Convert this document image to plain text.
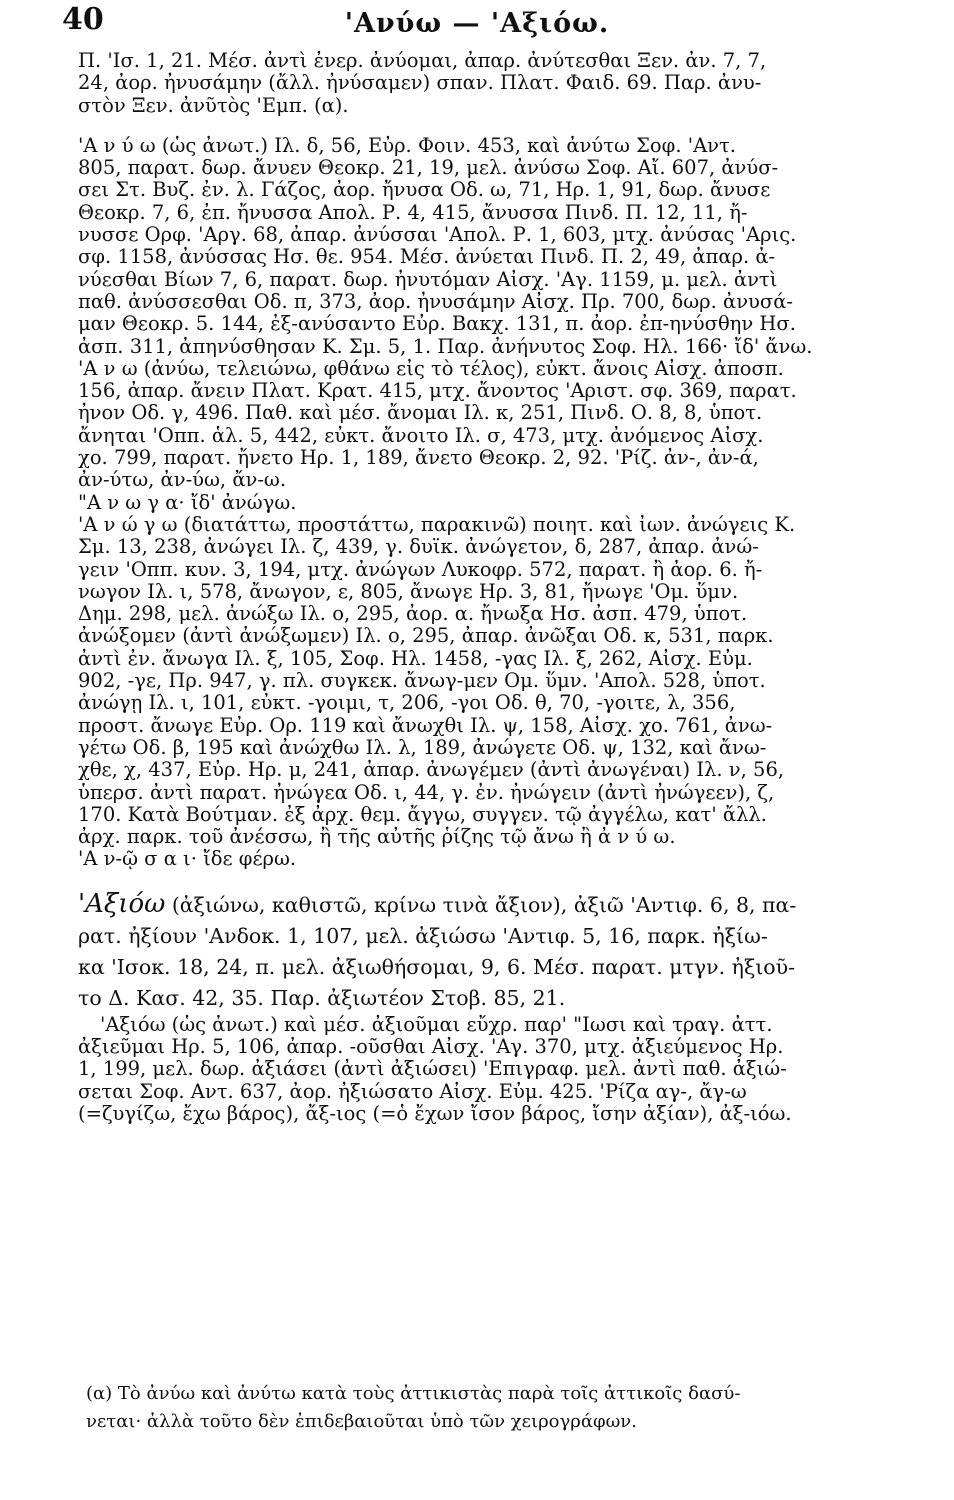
40	'Ανύω — 'Αξιόω.
Π. 'Ισ. 1, 21. Μέσ. ἀντὶ ἐνερ. ἀνύομαι, ἀπαρ. ἀνύτεσθαι Ξεν. ἀν. 7, 7,
24, ἀορ. ἠνυσάμην (ἄλλ. ἠνύσαμεν) σπαν. Πλατ. Φαιδ. 69. Παρ. ἀνυ-
στὸν Ξεν. ἀνῦτὸς 'Εμπ. (α).
'Α ν ύ ω (ὡς ἀνωτ.) Ιλ. δ, 56, Εὐρ. Φοιν. 453, καὶ ἀνύτω Σοφ. 'Αντ.
805, παρατ. δωρ. ἄνυεν Θεοκρ. 21, 19, μελ. ἀνύσω Σοφ. Αἴ. 607, ἀνύσ-
σει Στ. Βυζ. ἐν. λ. Γάζος, ἀορ. ἤνυσα Οδ. ω, 71, Ηρ. 1, 91, δωρ. ἄνυσε
Θεοκρ. 7, 6, ἐπ. ἤνυσσα Απολ. Ρ. 4, 415, ἄνυσσα Πινδ. Π. 12, 11, ἤ-
νυσσε Ορφ. 'Αργ. 68, ἀπαρ. ἀνύσσαι 'Απολ. Ρ. 1, 603, μτχ. ἀνύσας 'Αρις.
σφ. 1158, ἀνύσσας Ησ. θε. 954. Μέσ. ἀνύεται Πινδ. Π. 2, 49, ἀπαρ. ἀ-
νύεσθαι Βίων 7, 6, παρατ. δωρ. ἠνυτόμαν Αἰσχ. 'Αγ. 1159, μ. μελ. ἀντὶ
παθ. ἀνύσσεσθαι Οδ. π, 373, ἀορ. ἠνυσάμην Αἰσχ. Πρ. 700, δωρ. ἀνυσά-
μαν Θεοκρ. 5. 144, ἐξ-ανύσαντο Εὐρ. Βακχ. 131, π. ἀορ. ἐπ-ηνύσθην Ησ.
ἀσπ. 311, ἀπηνύσθησαν Κ. Σμ. 5, 1. Παρ. ἀνήνυτος Σοφ. Ηλ. 166· ἴδ' ἄνω.
'Α ν ω (ἀνύω, τελειώνω, φθάνω εἰς τὸ τέλος), εὐκτ. ἄνοις Αἰσχ. ἀποσπ.
156, ἀπαρ. ἄνειν Πλατ. Κρατ. 415, μτχ. ἄνοντος 'Αριστ. σφ. 369, παρατ.
ἦνον Οδ. γ, 496. Παθ. καὶ μέσ. ἄνομαι Ιλ. κ, 251, Πινδ. Ο. 8, 8, ὑποτ.
ἄνηται 'Οππ. ἁλ. 5, 442, εὐκτ. ἄνοιτο Ιλ. σ, 473, μτχ. ἀνόμενος Αἰσχ.
χο. 799, παρατ. ἤνετο Ηρ. 1, 189, ἄνετο Θεοκρ. 2, 92. 'Ρίζ. ἀν-, ἀν-ά,
ἀν-ύτω, ἀν-ύω, ἄν-ω.
"Α ν ω γ α· ἴδ' ἀνώγω.
'Α ν ώ γ ω (διατάττω, προστάττω, παρακινῶ) ποιητ. καὶ ἰων. ἀνώγεις Κ.
Σμ. 13, 238, ἀνώγει Ιλ. ζ, 439, γ. δυϊκ. ἀνώγετον, δ, 287, ἀπαρ. ἀνώ-
γειν 'Οππ. κυν. 3, 194, μτχ. ἀνώγων Λυκοφρ. 572, παρατ. ἢ ἀορ. 6. ἤ-
νωγον Ιλ. ι, 578, ἄνωγον, ε, 805, ἄνωγε Ηρ. 3, 81, ἤνωγε 'Ομ. ὕμν.
Δημ. 298, μελ. ἀνώξω Ιλ. ο, 295, ἀορ. α. ἤνωξα Ησ. ἀσπ. 479, ὑποτ.
ἀνώξομεν (ἀντὶ ἀνώξωμεν) Ιλ. ο, 295, ἀπαρ. ἀνῶξαι Οδ. κ, 531, παρκ.
ἀντὶ ἐν. ἄνωγα Ιλ. ξ, 105, Σοφ. Ηλ. 1458, -γας Ιλ. ξ, 262, Αἰσχ. Εὐμ.
902, -γε, Πρ. 947, γ. πλ. συγκεκ. ἄνωγ-μεν Ομ. ὕμν. 'Απολ. 528, ὑποτ.
ἀνώγῃ Ιλ. ι, 101, εὐκτ. -γοιμι, τ, 206, -γοι Οδ. θ, 70, -γοιτε, λ, 356,
προστ. ἄνωγε Εὐρ. Ορ. 119 καὶ ἄνωχθι Ιλ. ψ, 158, Αἰσχ. χο. 761, ἀνω-
γέτω Οδ. β, 195 καὶ ἀνώχθω Ιλ. λ, 189, ἀνώγετε Οδ. ψ, 132, καὶ ἄνω-
χθε, χ, 437, Εὐρ. Ηρ. μ, 241, ἀπαρ. ἀνωγέμεν (ἀντὶ ἀνωγέναι) Ιλ. ν, 56,
ὑπερσ. ἀντὶ παρατ. ἠνώγεα Οδ. ι, 44, γ. ἐν. ἠνώγειν (ἀντὶ ἠνώγεεν), ζ,
170. Κατὰ Βούτμαν. ἐξ ἀρχ. θεμ. ἄγγω, συγγεν. τῷ ἀγγέλω, κατ' ἄλλ.
ἀρχ. παρκ. τοῦ ἀνέσσω, ἢ τῆς αὐτῆς ῥίζης τῷ ἄνω ἢ ἀ ν ύ ω.
'Α ν-ῷ σ α ι· ἴδε φέρω.
'Αξιόω (ἀξιώνω, καθιστῶ, κρίνω τινὰ ἄξιον), ἀξιῶ 'Αντιφ. 6, 8, πα-
ρατ. ἠξίουν 'Ανδοκ. 1, 107, μελ. ἀξιώσω 'Αντιφ. 5, 16, παρκ. ἠξίω-
κα 'Ισοκ. 18, 24, π. μελ. ἀξιωθήσομαι, 9, 6. Μέσ. παρατ. μτγν. ἠξιοῦ-
το Δ. Κασ. 42, 35. Παρ. ἀξιωτέον Στοβ. 85, 21.
'Αξιόω (ὡς ἀνωτ.) καὶ μέσ. ἀξιοῦμαι εὔχρ. παρ' "Ιωσι καὶ τραγ. ἀττ.
ἀξιεῦμαι Ηρ. 5, 106, ἀπαρ. -οῦσθαι Αἰσχ. 'Αγ. 370, μτχ. ἀξιεύμενος Ηρ.
1, 199, μελ. δωρ. ἀξιάσει (ἀντὶ ἀξιώσει) 'Επιγραφ. μελ. ἀντὶ παθ. ἀξιώ-
σεται Σοφ. Αντ. 637, ἀορ. ἠξιώσατο Αἰσχ. Εὐμ. 425. 'Ρίζα αγ-, ἄγ-ω
(=ζυγίζω, ἔχω βάρος), ἄξ-ιος (=ὁ ἔχων ἴσον βάρος, ἴσην ἀξίαν), ἀξ-ιόω.
(α) Τὸ ἀνύω καὶ ἀνύτω κατὰ τοὺς ἀττικιστὰς παρὰ τοῖς ἀττικοῖς δασύ-
νεται· ἀλλὰ τοῦτο δὲν ἐπιδεβαιοῦται ὑπὸ τῶν χειρογράφων.
